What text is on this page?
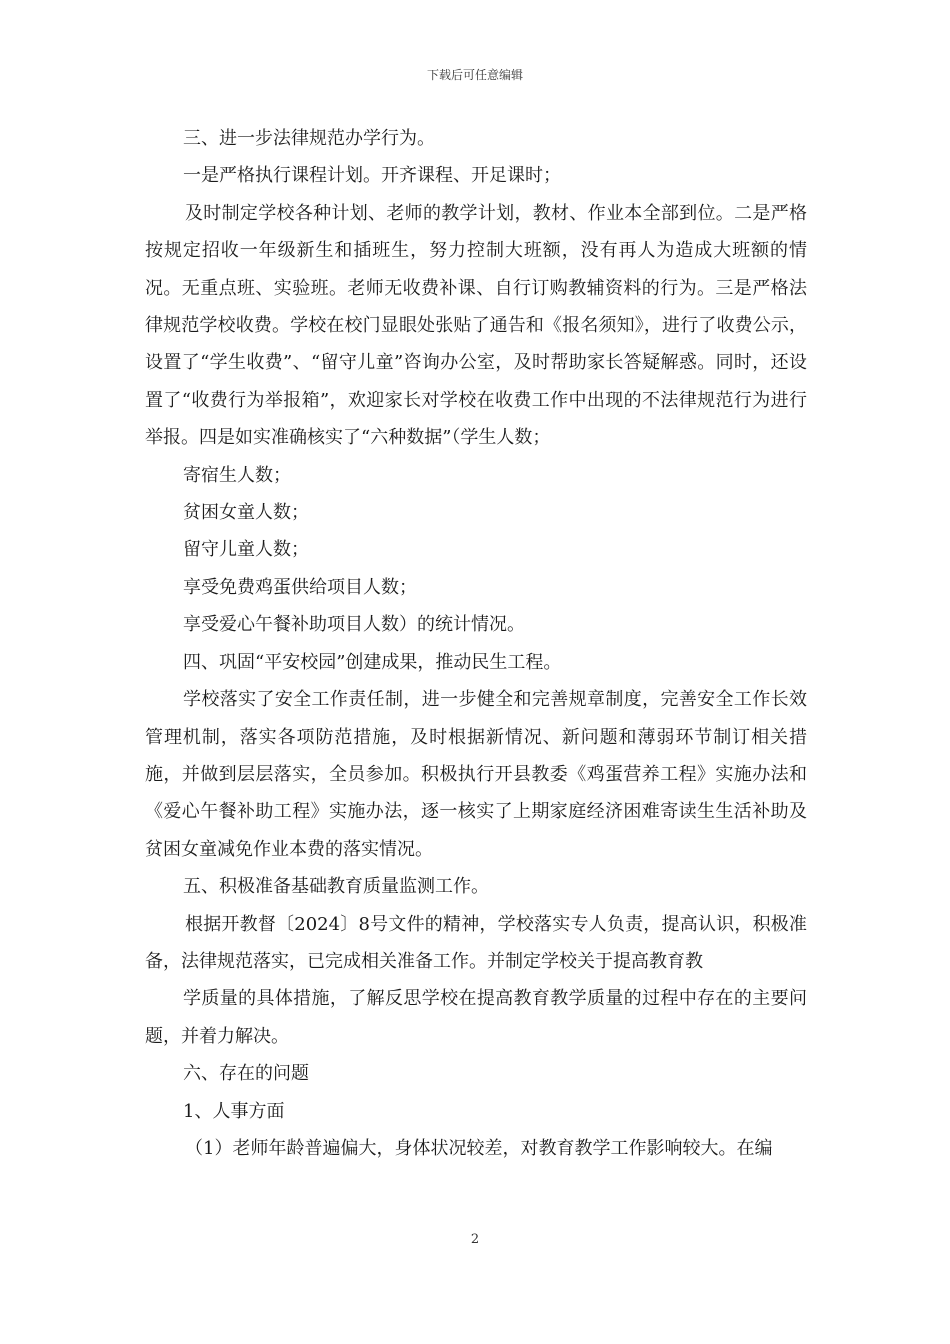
下载后可任意编辑

三、进一步法律规范办学行为。

一是严格执行课程计划。开齐课程、开足课时；

及时制定学校各种计划、老师的教学计划，教材、作业本全部到位。二是严格按规定招收一年级新生和插班生，努力控制大班额，没有再人为造成大班额的情况。无重点班、实验班。老师无收费补课、自行订购教辅资料的行为。三是严格法律规范学校收费。学校在校门显眼处张贴了通告和《报名须知》，进行了收费公示，设置了“学生收费”、“留守儿童”咨询办公室，及时帮助家长答疑解惑。同时，还设置了“收费行为举报箱”，欢迎家长对学校在收费工作中出现的不法律规范行为进行举报。四是如实准确核实了“六种数据”（学生人数；

寄宿生人数；

贫困女童人数；

留守儿童人数；

享受免费鸡蛋供给项目人数；

享受爱心午餐补助项目人数）的统计情况。

四、巩固“平安校园”创建成果，推动民生工程。

学校落实了安全工作责任制，进一步健全和完善规章制度，完善安全工作长效管理机制，落实各项防范措施，及时根据新情况、新问题和薄弱环节制订相关措施，并做到层层落实，全员参加。积极执行开县教委《鸡蛋营养工程》实施办法和《爱心午餐补助工程》实施办法，逐一核实了上期家庭经济困难寄读生生活补助及贫困女童减免作业本费的落实情况。

五、积极准备基础教育质量监测工作。

根据开教督〔2024〕8号文件的精神，学校落实专人负责，提高认识，积极准备，法律规范落实，已完成相关准备工作。并制定学校关于提高教育教

学质量的具体措施，了解反思学校在提高教育教学质量的过程中存在的主要问题，并着力解决。

六、存在的问题

1、人事方面

（1）老师年龄普遍偏大，身体状况较差，对教育教学工作影响较大。在编

2
